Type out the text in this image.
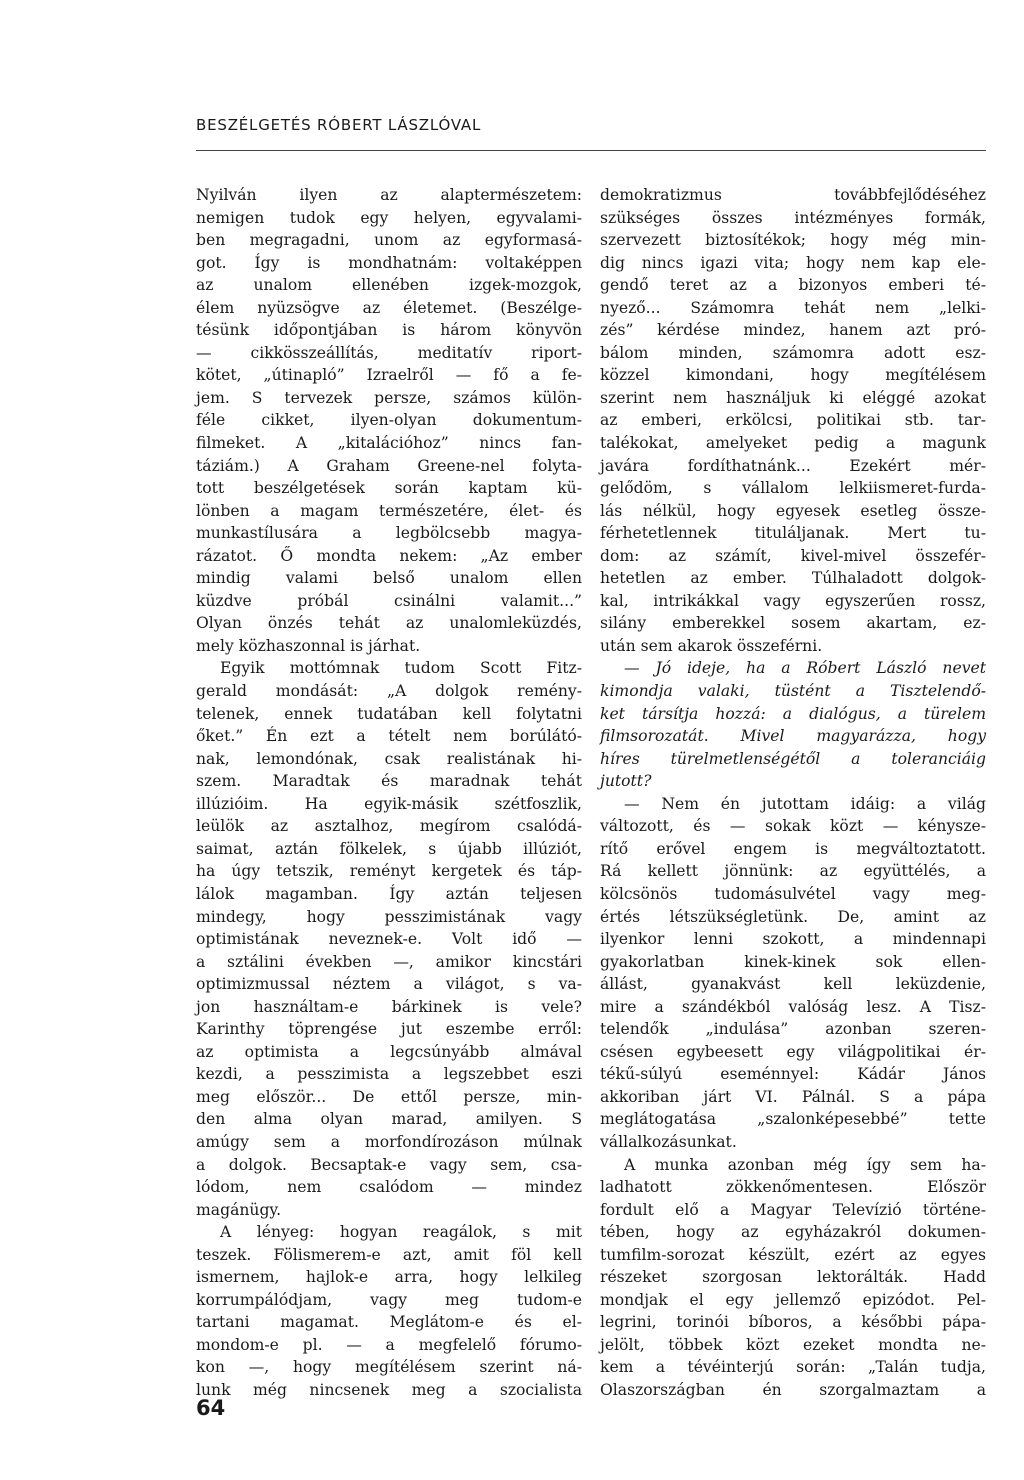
BESZÉLGETÉS RÓBERT LÁSZLÓVAL
Nyilván ilyen az alaptermészetem:
nemigen tudok egy helyen, egyvalami-
ben megragadni, unom az egyformasá-
got. Így is mondhatnám: voltaképpen
az unalom ellenében izgek-mozgok,
élem nyüzsögve az életemet. (Beszélge-
tésünk időpontjában is három könyvön
— cikkösszeállítás, meditatív riport-
kötet, „útinapló” Izraelről — fő a fe-
jem. S tervezek persze, számos külön-
féle cikket, ilyen-olyan dokumentum-
filmeket. A „kitalációhoz” nincs fan-
táziám.) A Graham Greene-nel folyta-
tott beszélgetések során kaptam kü-
lönben a magam természetére, élet- és
munkastílusára a legbölcsebb magya-
rázatot. Ő mondta nekem: „Az ember
mindig valami belső unalom ellen
küzdve próbál csinálni valamit...”
Olyan önzés tehát az unalomleküzdés,
mely közhaszonnal is járhat.
Egyik mottómnak tudom Scott Fitz-
gerald mondását: „A dolgok remény-
telenek, ennek tudatában kell folytatni
őket.” Én ezt a tételt nem borúlátó-
nak, lemondónak, csak realistának hi-
szem. Maradtak és maradnak tehát
illúzióim. Ha egyik-másik szétfoszlik,
leülök az asztalhoz, megírom csalódá-
saimat, aztán fölkelek, s újabb illúziót,
ha úgy tetszik, reményt kergetek és táp-
lálok magamban. Így aztán teljesen
mindegy, hogy pesszimistának vagy
optimistának neveznek-e. Volt idő —
a sztálini években —, amikor kincstári
optimizmussal néztem a világot, s va-
jon használtam-e bárkinek is vele?
Karinthy töprengése jut eszembe erről:
az optimista a legcsúnyább almával
kezdi, a pesszimista a legszebbet eszi
meg először... De ettől persze, min-
den alma olyan marad, amilyen. S
amúgy sem a morfondírozáson múlnak
a dolgok. Becsaptak-e vagy sem, csa-
lódom, nem csalódom — mindez
magánügy.
A lényeg: hogyan reagálok, s mit
teszek. Fölismerem-e azt, amit föl kell
ismernem, hajlok-e arra, hogy lelkileg
korrumpálódjam, vagy meg tudom-e
tartani magamat. Meglátom-e és el-
mondom-e pl. — a megfelelő fórumo-
kon —, hogy megítélésem szerint ná-
lunk még nincsenek meg a szocialista
demokratizmus továbbfejlődéséhez
szükséges összes intézményes formák,
szervezett biztosítékok; hogy még min-
dig nincs igazi vita; hogy nem kap ele-
gendő teret az a bizonyos emberi té-
nyező... Számomra tehát nem „lelki-
zés” kérdése mindez, hanem azt pró-
bálom minden, számomra adott esz-
közzel kimondani, hogy megítélésem
szerint nem használjuk ki eléggé azokat
az emberi, erkölcsi, politikai stb. tar-
talékokat, amelyeket pedig a magunk
javára fordíthatnánk... Ezekért mér-
gelődöm, s vállalom lelkiismeret-furda-
lás nélkül, hogy egyesek esetleg össze-
férhetetlennek tituláljanak. Mert tu-
dom: az számít, kivel-mivel összefér-
hetetlen az ember. Túlhaladott dolgok-
kal, intrikákkal vagy egyszerűen rossz,
silány emberekkel sosem akartam, ez-
után sem akarok összeférni.
— Jó ideje, ha a Róbert László nevet
kimondja valaki, tüstént a Tisztelendő-
ket társítja hozzá: a dialógus, a türelem
filmsorozatát. Mivel magyarázza, hogy
híres türelmetlenségétől a toleranciáig
jutott?
— Nem én jutottam idáig: a világ
változott, és — sokak közt — kénysze-
rítő erővel engem is megváltoztatott.
Rá kellett jönnünk: az együttélés, a
kölcsönös tudomásulvétel vagy meg-
értés létszükségletünk. De, amint az
ilyenkor lenni szokott, a mindennapi
gyakorlatban kinek-kinek sok ellen-
állást, gyanakvást kell leküzdenie,
mire a szándékból valóság lesz. A Tisz-
telendők „indulása” azonban szeren-
csésen egybeesett egy világpolitikai ér-
tékű-súlyú eseménnyel: Kádár János
akkoriban járt VI. Pálnál. S a pápa
meglátogatása „szalonképesebbé” tette
vállalkozásunkat.
A munka azonban még így sem ha-
ladhatott zökkenőmentesen. Először
fordult elő a Magyar Televízió történe-
tében, hogy az egyházakról dokumen-
tumfilm-sorozat készült, ezért az egyes
részeket szorgosan lektorálták. Hadd
mondjak el egy jellemző epizódot. Pel-
legrini, torinói bíboros, a későbbi pápa-
jelölt, többek közt ezeket mondta ne-
kem a tévéinterjú során: „Talán tudja,
Olaszországban én szorgalmaztam a
64
